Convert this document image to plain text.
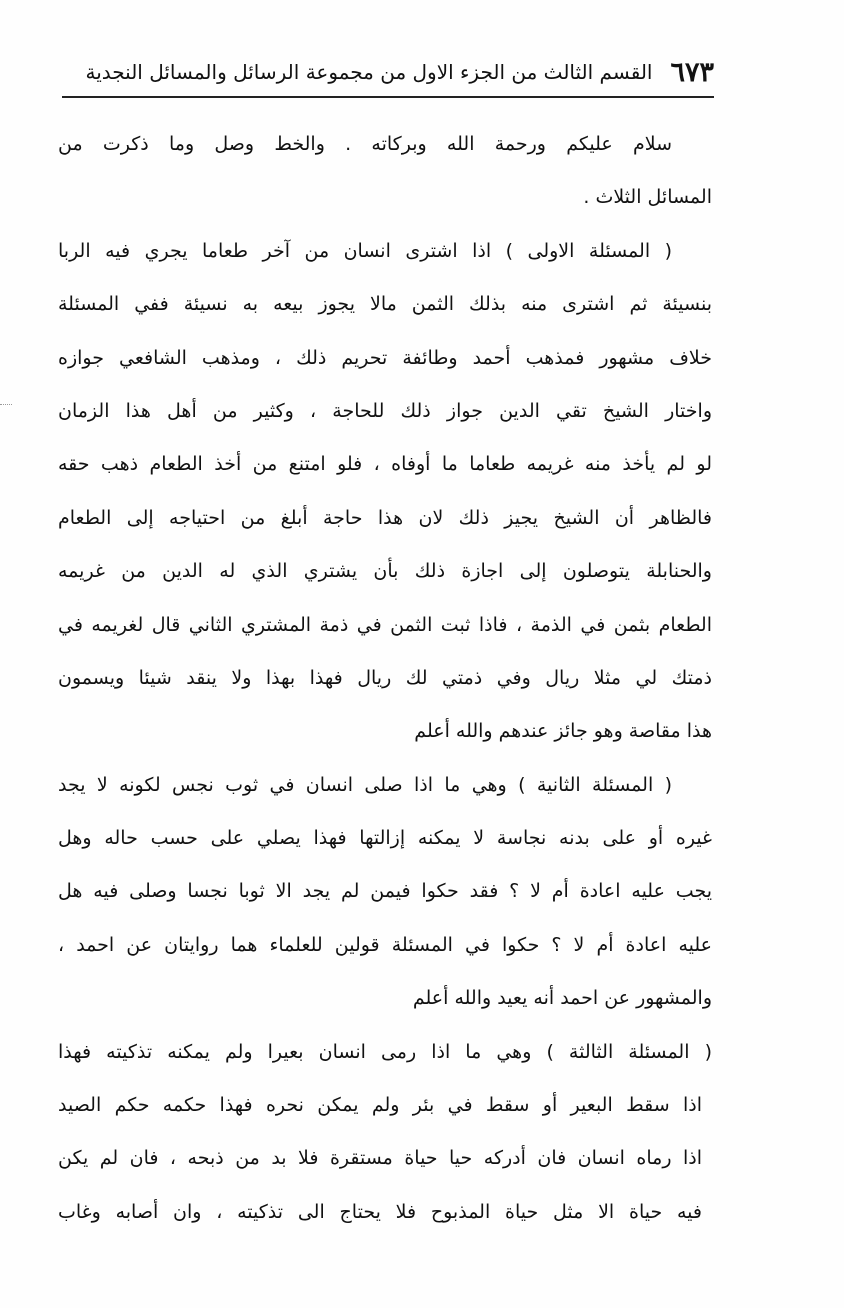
٦٧٣
القسم الثالث من الجزء الاول من مجموعة الرسائل والمسائل النجدية
سلام عليكم ورحمة الله وبركاته . والخط وصل وما ذكرت من
المسائل الثلاث .
( المسئلة الاولى ) اذا اشترى انسان من آخر طعاما يجري فيه الربا
بنسيئة ثم اشترى منه بذلك الثمن مالا يجوز بيعه به نسيئة ففي المسئلة
خلاف مشهور فمذهب أحمد وطائفة تحريم ذلك ، ومذهب الشافعي جوازه
واختار الشيخ تقي الدين جواز ذلك للحاجة ، وكثير من أهل هذا الزمان
لو لم يأخذ منه غريمه طعاما ما أوفاه ، فلو امتنع من أخذ الطعام ذهب حقه
فالظاهر أن الشيخ يجيز ذلك لان هذا حاجة أبلغ من احتياجه إلى الطعام
والحنابلة يتوصلون إلى اجازة ذلك بأن يشتري الذي له الدين من غريمه
الطعام بثمن في الذمة ، فاذا ثبت الثمن في ذمة المشتري الثاني قال لغريمه في
ذمتك لي مثلا ريال وفي ذمتي لك ريال فهذا بهذا ولا ينقد شيئا ويسمون
هذا مقاصة وهو جائز عندهم والله أعلم
( المسئلة الثانية ) وهي ما اذا صلى انسان في ثوب نجس لكونه لا يجد
غيره أو على بدنه نجاسة لا يمكنه إزالتها فهذا يصلي على حسب حاله وهل
يجب عليه اعادة أم لا ؟ فقد حكوا فيمن لم يجد الا ثوبا نجسا وصلى فيه هل
عليه اعادة أم لا ؟ حكوا في المسئلة قولين للعلماء هما روايتان عن احمد ،
والمشهور عن احمد أنه يعيد والله أعلم
( المسئلة الثالثة ) وهي ما اذا رمى انسان بعيرا ولم يمكنه تذكيته فهذا
اذا سقط البعير أو سقط في بئر ولم يمكن نحره فهذا حكمه حكم الصيد
اذا رماه انسان فان أدركه حيا حياة مستقرة فلا بد من ذبحه ، فان لم يكن
فيه حياة الا مثل حياة المذبوح فلا يحتاج الى تذكيته ، وان أصابه وغاب
